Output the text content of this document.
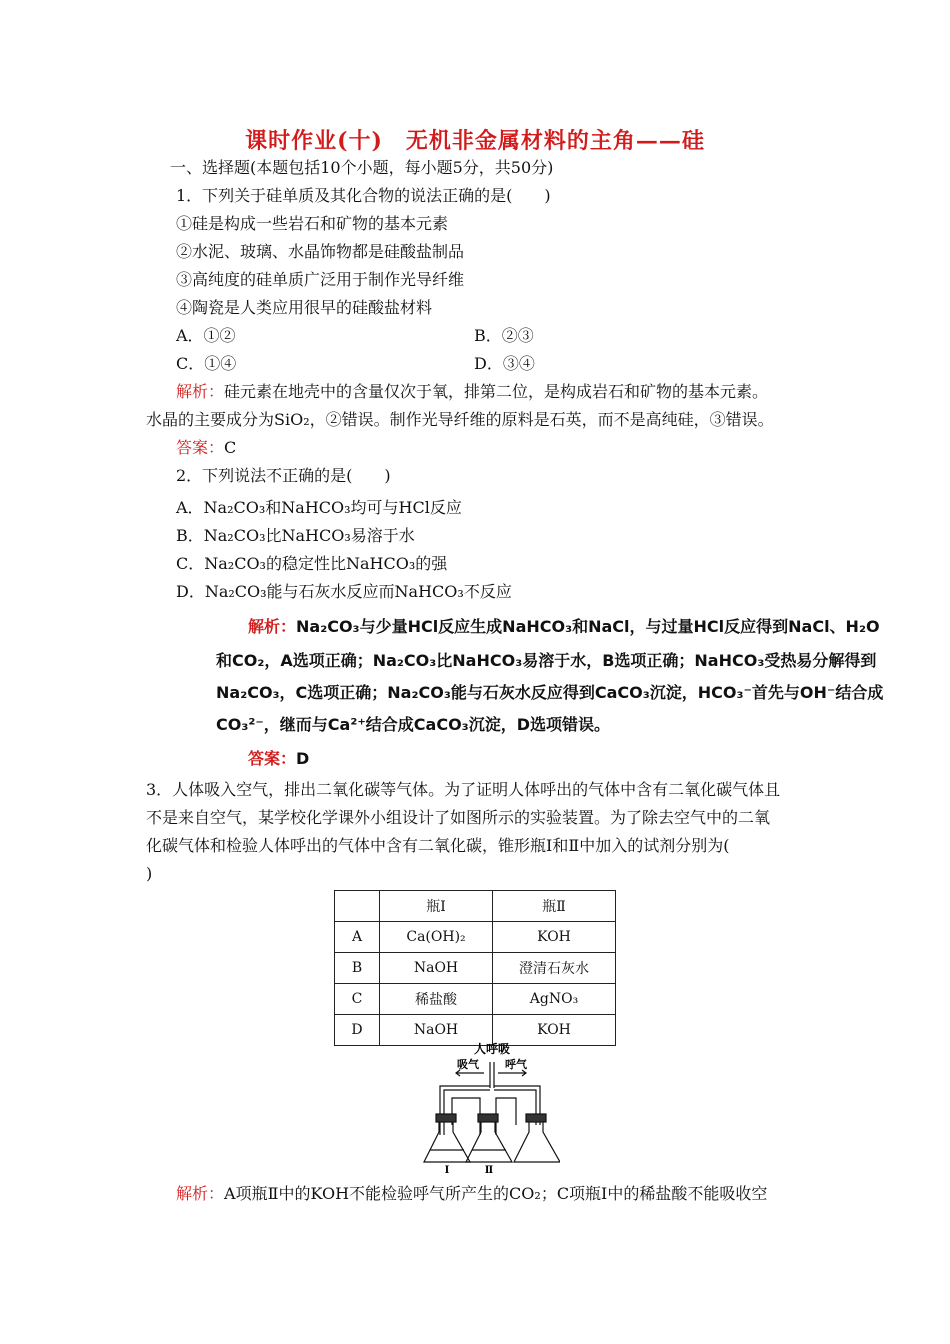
课时作业(十)　无机非金属材料的主角——硅
一、选择题(本题包括10个小题，每小题5分，共50分)
1．下列关于硅单质及其化合物的说法正确的是(　　)
①硅是构成一些岩石和矿物的基本元素
②水泥、玻璃、水晶饰物都是硅酸盐制品
③高纯度的硅单质广泛用于制作光导纤维
④陶瓷是人类应用很早的硅酸盐材料
A．①②	B．②③
C．①④	D．③④
解析：硅元素在地壳中的含量仅次于氧，排第二位，是构成岩石和矿物的基本元素。
水晶的主要成分为SiO₂，②错误。制作光导纤维的原料是石英，而不是高纯硅，③错误。
答案：C
2．下列说法不正确的是(　　)
A．Na₂CO₃和NaHCO₃均可与HCl反应
B．Na₂CO₃比NaHCO₃易溶于水
C．Na₂CO₃的稳定性比NaHCO₃的强
D．Na₂CO₃能与石灰水反应而NaHCO₃不反应
解析：Na₂CO₃与少量HCl反应生成NaHCO₃和NaCl，与过量HCl反应得到NaCl、H₂O
和CO₂，A选项正确；Na₂CO₃比NaHCO₃易溶于水，B选项正确；NaHCO₃受热易分解得到
Na₂CO₃，C选项正确；Na₂CO₃能与石灰水反应得到CaCO₃沉淀，HCO₃⁻首先与OH⁻结合成
CO₃²⁻，继而与Ca²⁺结合成CaCO₃沉淀，D选项错误。
答案：D
3．人体吸入空气，排出二氧化碳等气体。为了证明人体呼出的气体中含有二氧化碳气体且
不是来自空气，某学校化学课外小组设计了如图所示的实验装置。为了除去空气中的二氧
化碳气体和检验人体呼出的气体中含有二氧化碳，锥形瓶Ⅰ和Ⅱ中加入的试剂分别为(
)
	瓶Ⅰ	瓶Ⅱ
A	Ca(OH)₂	KOH
B	NaOH	澄清石灰水
C	稀盐酸	AgNO₃
D	NaOH	KOH
人呼吸
吸气 呼气
Ⅰ	Ⅱ
解析：A项瓶Ⅱ中的KOH不能检验呼气所产生的CO₂；C项瓶Ⅰ中的稀盐酸不能吸收空
